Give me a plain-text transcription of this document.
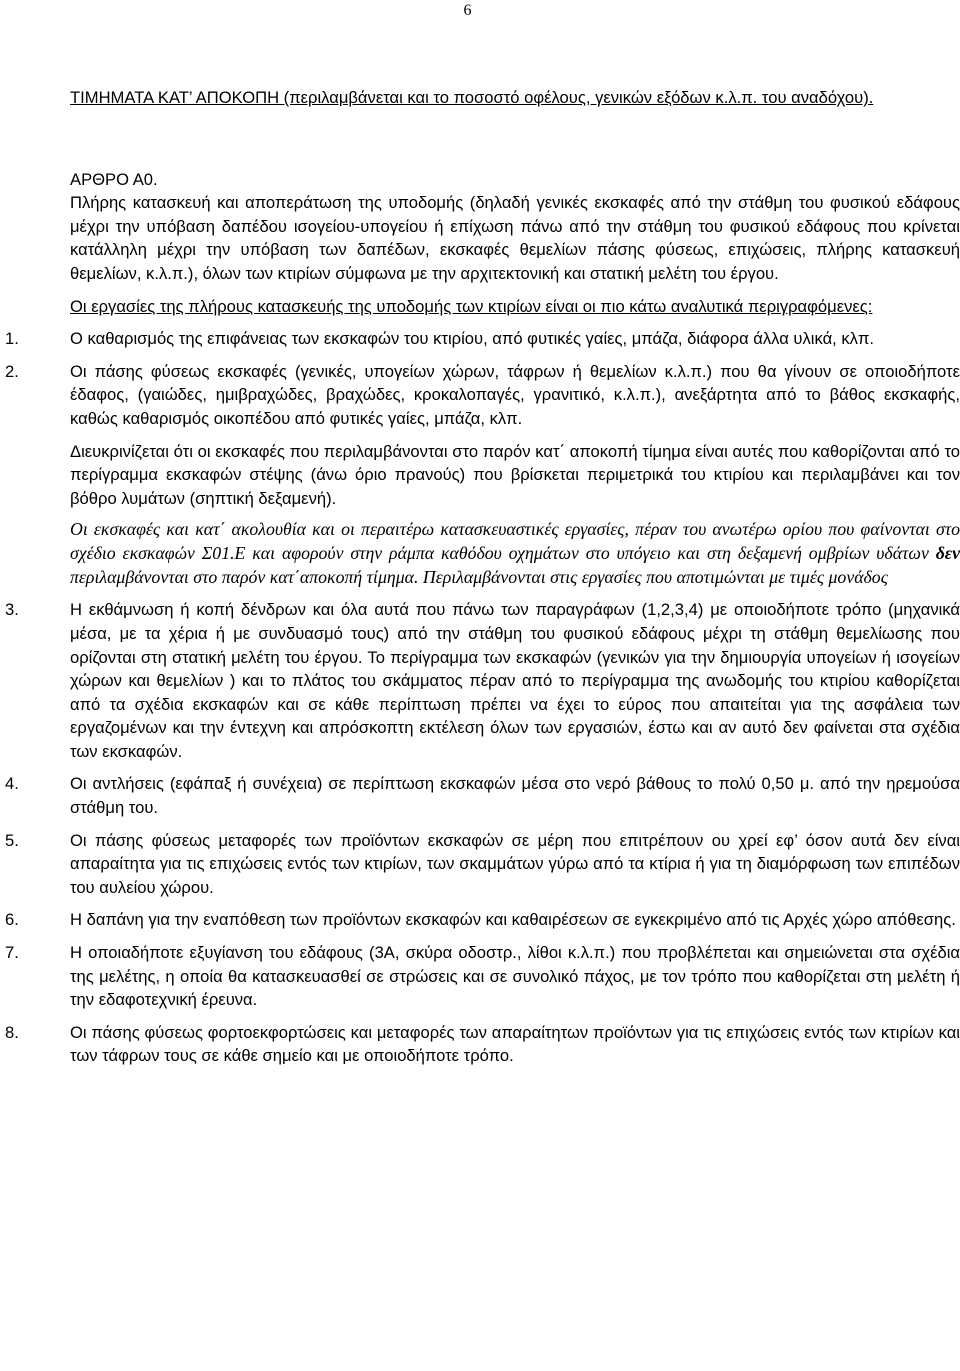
6

ΤΙΜΗΜΑΤΑ ΚΑΤ’ ΑΠΟΚΟΠΗ (περιλαμβάνεται και το ποσοστό οφέλους, γενικών εξόδων κ.λ.π. του αναδόχου).

ΑΡΘΡΟ Α0.

Πλήρης κατασκευή και αποπεράτωση της υποδομής (δηλαδή γενικές εκσκαφές από την στάθμη του φυσικού εδάφους μέχρι την υπόβαση δαπέδου ισογείου-υπογείου ή επίχωση πάνω από την στάθμη του φυσικού εδάφους που κρίνεται κατάλληλη μέχρι την υπόβαση των δαπέδων, εκσκαφές θεμελίων πάσης φύσεως, επιχώσεις, πλήρης κατασκευή θεμελίων, κ.λ.π.), όλων των κτιρίων σύμφωνα με την αρχιτεκτονική και στατική μελέτη του έργου.

Οι εργασίες της πλήρους κατασκευής της υποδομής των κτιρίων είναι οι πιο κάτω αναλυτικά περιγραφόμενες:

1.	Ο καθαρισμός της επιφάνειας των εκσκαφών του κτιρίου, από φυτικές γαίες, μπάζα, διάφορα άλλα υλικά, κλπ.
2.	Οι πάσης φύσεως εκσκαφές (γενικές, υπογείων χώρων, τάφρων ή θεμελίων κ.λ.π.) που θα γίνουν σε οποιοδήποτε έδαφος, (γαιώδες, ημιβραχώδες, βραχώδες, κροκαλοπαγές, γρανιτικό, κ.λ.π.), ανεξάρτητα από το βάθος εκσκαφής, καθώς καθαρισμός οικοπέδου από φυτικές γαίες, μπάζα, κλπ.

Διευκρινίζεται ότι οι εκσκαφές που περιλαμβάνονται στο παρόν κατ΄ αποκοπή τίμημα είναι αυτές που καθορίζονται από το περίγραμμα εκσκαφών στέψης (άνω όριο πρανούς) που βρίσκεται περιμετρικά του κτιρίου και περιλαμβάνει και τον βόθρο λυμάτων (σηπτική δεξαμενή).

Οι εκσκαφές και κατ΄ ακολουθία και οι περαιτέρω κατασκευαστικές εργασίες, πέραν του ανωτέρω ορίου που φαίνονται στο σχέδιο εκσκαφών Σ01.Ε και αφορούν στην ράμπα καθόδου οχημάτων στο υπόγειο και στη δεξαμενή ομβρίων υδάτων δεν περιλαμβάνονται στο παρόν κατ΄αποκοπή τίμημα. Περιλαμβάνονται στις εργασίες που αποτιμώνται με τιμές μονάδος

3.	Η εκθάμνωση ή κοπή δένδρων και όλα αυτά που πάνω των παραγράφων (1,2,3,4) με οποιοδήποτε τρόπο (μηχανικά μέσα, με τα χέρια ή με συνδυασμό τους) από την στάθμη του φυσικού εδάφους μέχρι τη στάθμη θεμελίωσης που ορίζονται στη στατική μελέτη του έργου. Το περίγραμμα των εκσκαφών (γενικών για την δημιουργία υπογείων ή ισογείων χώρων και θεμελίων ) και το πλάτος του σκάμματος πέραν από το περίγραμμα της ανωδομής του κτιρίου καθορίζεται από τα σχέδια εκσκαφών και σε κάθε περίπτωση πρέπει να έχει το εύρος που απαιτείται για της ασφάλεια των εργαζομένων και την έντεχνη και απρόσκοπτη εκτέλεση όλων των εργασιών, έστω και αν αυτό δεν φαίνεται στα σχέδια των εκσκαφών.
4.	Οι αντλήσεις (εφάπαξ ή συνέχεια) σε περίπτωση εκσκαφών μέσα στο νερό βάθους το πολύ 0,50 μ. από την ηρεμούσα στάθμη του.
5.	Οι πάσης φύσεως μεταφορές των προϊόντων εκσκαφών σε μέρη που επιτρέπουν ου χρεί εφ’ όσον αυτά δεν είναι απαραίτητα για τις επιχώσεις εντός των κτιρίων, των σκαμμάτων γύρω από τα κτίρια ή για τη διαμόρφωση των επιπέδων του αυλείου χώρου.
6.	Η δαπάνη για την εναπόθεση των προϊόντων εκσκαφών και καθαιρέσεων σε εγκεκριμένο από τις Αρχές χώρο απόθεσης.
7.	Η οποιαδήποτε εξυγίανση του εδάφους (3Α, σκύρα οδοστρ., λίθοι κ.λ.π.) που προβλέπεται και σημειώνεται στα σχέδια της μελέτης, η οποία θα κατασκευασθεί σε στρώσεις και σε συνολικό πάχος, με τον τρόπο που καθορίζεται στη μελέτη ή την εδαφοτεχνική έρευνα.
8.	Οι πάσης φύσεως φορτοεκφορτώσεις και μεταφορές των απαραίτητων προϊόντων για τις επιχώσεις εντός των κτιρίων και των τάφρων τους σε κάθε σημείο και με οποιοδήποτε τρόπο.
